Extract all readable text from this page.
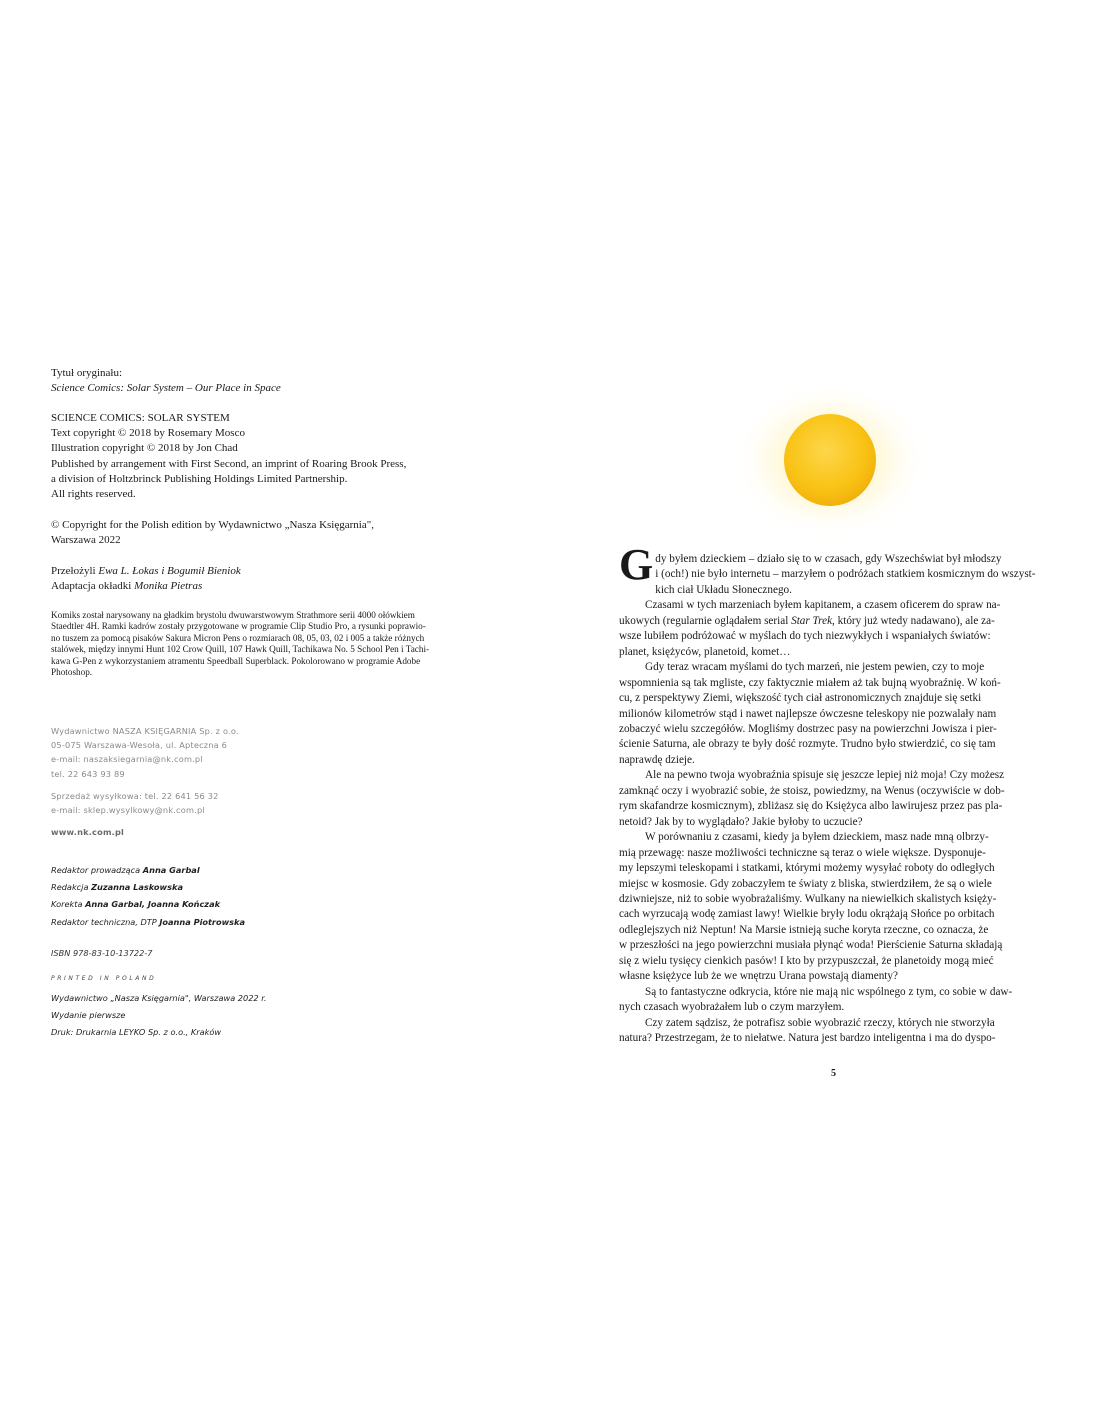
Tytuł oryginału:
Science Comics: Solar System – Our Place in Space
SCIENCE COMICS: SOLAR SYSTEM
Text copyright © 2018 by Rosemary Mosco
Illustration copyright © 2018 by Jon Chad
Published by arrangement with First Second, an imprint of Roaring Brook Press,
a division of Holtzbrinck Publishing Holdings Limited Partnership.
All rights reserved.
© Copyright for the Polish edition by Wydawnictwo „Nasza Księgarnia",
Warszawa 2022
Przełożyli Ewa L. Łokas i Bogumił Bieniok
Adaptacja okładki Monika Pietras
Komiks został narysowany na gładkim brystolu dwuwarstwowym Strathmore serii 4000 ołówkiem
Staedtler 4H. Ramki kadrów zostały przygotowane w programie Clip Studio Pro, a rysunki poprawio-
no tuszem za pomocą pisaków Sakura Micron Pens o rozmiarach 08, 05, 03, 02 i 005 a także różnych
stalówek, między innymi Hunt 102 Crow Quill, 107 Hawk Quill, Tachikawa No. 5 School Pen i Tachi-
kawa G-Pen z wykorzystaniem atramentu Speedball Superblack. Pokolorowano w programie Adobe
Photoshop.
Wydawnictwo NASZA KSIĘGARNIA Sp. z o.o.
05-075 Warszawa-Wesoła, ul. Apteczna 6
e-mail: naszaksiegarnia@nk.com.pl
tel. 22 643 93 89
Sprzedaż wysyłkowa: tel. 22 641 56 32
e-mail: sklep.wysylkowy@nk.com.pl
www.nk.com.pl
Redaktor prowadząca Anna Garbal
Redakcja Zuzanna Laskowska
Korekta Anna Garbal, Joanna Kończak
Redaktor techniczna, DTP Joanna Piotrowska
ISBN 978-83-10-13722-7
PRINTED IN POLAND
Wydawnictwo „Nasza Księgarnia", Warszawa 2022 r.
Wydanie pierwsze
Druk: Drukarnia LEYKO Sp. z o.o., Kraków
G dy byłem dzieckiem – działo się to w czasach, gdy Wszechświat był młodszy
i (och!) nie było internetu – marzyłem o podróżach statkiem kosmicznym do wszyst-
kich ciał Układu Słonecznego.
Czasami w tych marzeniach byłem kapitanem, a czasem oficerem do spraw na-
ukowych (regularnie oglądałem serial Star Trek, który już wtedy nadawano), ale za-
wsze lubiłem podróżować w myślach do tych niezwykłych i wspaniałych światów:
planet, księżyców, planetoid, komet…
Gdy teraz wracam myślami do tych marzeń, nie jestem pewien, czy to moje
wspomnienia są tak mgliste, czy faktycznie miałem aż tak bujną wyobraźnię. W koń-
cu, z perspektywy Ziemi, większość tych ciał astronomicznych znajduje się setki
milionów kilometrów stąd i nawet najlepsze ówczesne teleskopy nie pozwalały nam
zobaczyć wielu szczegółów. Mogliśmy dostrzec pasy na powierzchni Jowisza i pier-
ścienie Saturna, ale obrazy te były dość rozmyte. Trudno było stwierdzić, co się tam
naprawdę dzieje.
Ale na pewno twoja wyobraźnia spisuje się jeszcze lepiej niż moja! Czy możesz
zamknąć oczy i wyobrazić sobie, że stoisz, powiedzmy, na Wenus (oczywiście w dob-
rym skafandrze kosmicznym), zbliżasz się do Księżyca albo lawirujesz przez pas pla-
netoid? Jak by to wyglądało? Jakie byłoby to uczucie?
W porównaniu z czasami, kiedy ja byłem dzieckiem, masz nade mną olbrzy-
mią przewagę: nasze możliwości techniczne są teraz o wiele większe. Dysponuje-
my lepszymi teleskopami i statkami, którymi możemy wysyłać roboty do odległych
miejsc w kosmosie. Gdy zobaczyłem te światy z bliska, stwierdziłem, że są o wiele
dziwniejsze, niż to sobie wyobrażaliśmy. Wulkany na niewielkich skalistych księży-
cach wyrzucają wodę zamiast lawy! Wielkie bryły lodu okrążają Słońce po orbitach
odleglejszych niż Neptun! Na Marsie istnieją suche koryta rzeczne, co oznacza, że
w przeszłości na jego powierzchni musiała płynąć woda! Pierścienie Saturna składają
się z wielu tysięcy cienkich pasów! I kto by przypuszczał, że planetoidy mogą mieć
własne księżyce lub że we wnętrzu Urana powstają diamenty?
Są to fantastyczne odkrycia, które nie mają nic wspólnego z tym, co sobie w daw-
nych czasach wyobrażałem lub o czym marzyłem.
Czy zatem sądzisz, że potrafisz sobie wyobrazić rzeczy, których nie stworzyła
natura? Przestrzegam, że to niełatwe. Natura jest bardzo inteligentna i ma do dyspo-
5
